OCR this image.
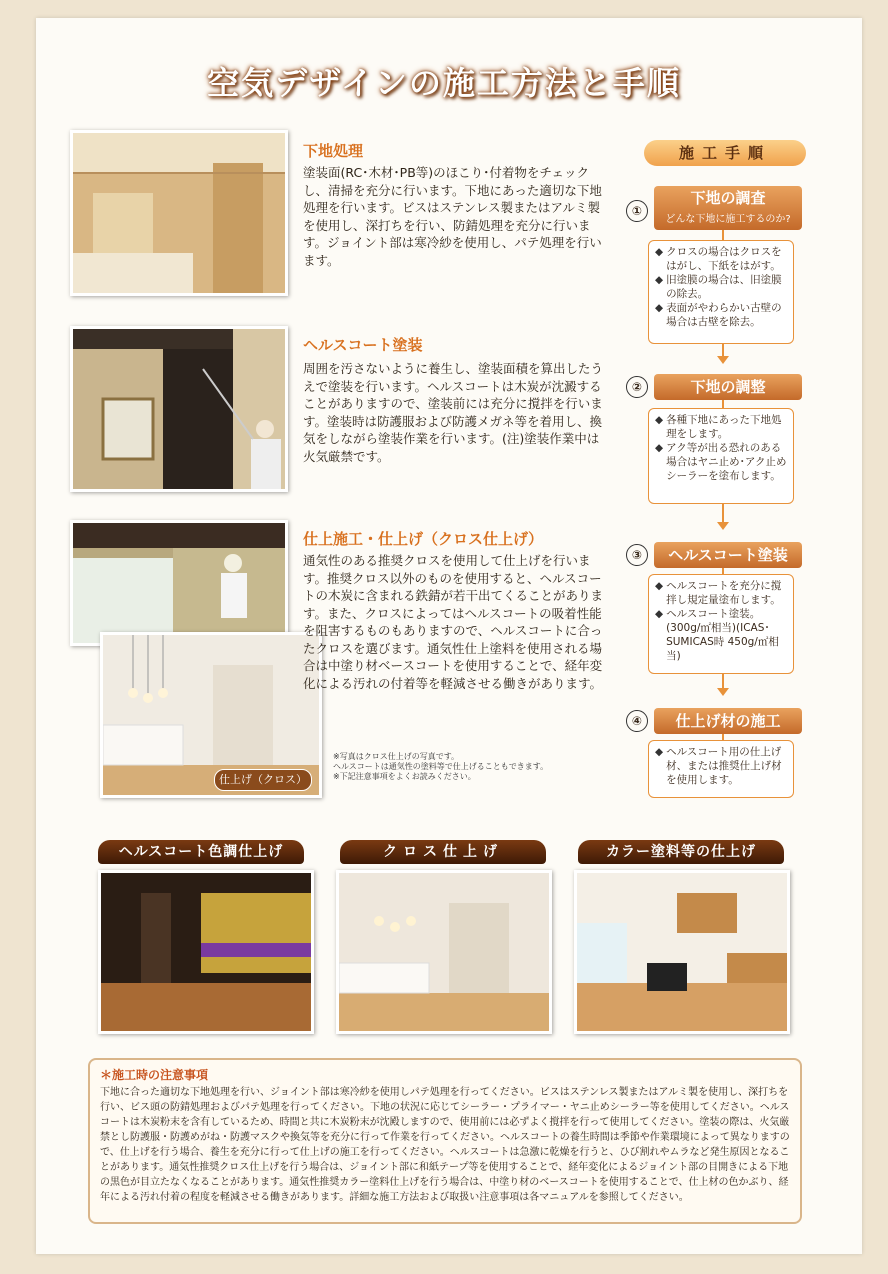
空気デザインの施工方法と手順
下地処理
塗装面(RC･木材･PB等)のほこり･付着物をチェックし、清掃を充分に行います。下地にあった適切な下地処理を行います。ビスはステンレス製またはアルミ製を使用し、深打ちを行い、防錆処理を充分に行います。ジョイント部は寒冷紗を使用し、パテ処理を行います。
ヘルスコート塗装
周囲を汚さないように養生し、塗装面積を算出したうえで塗装を行います。ヘルスコートは木炭が沈澱することがありますので、塗装前には充分に撹拌を行います。塗装時は防護服および防護メガネ等を着用し、換気をしながら塗装作業を行います。(注)塗装作業中は火気厳禁です。
仕上げ（クロス）
仕上施工・仕上げ（クロス仕上げ）
通気性のある推奨クロスを使用して仕上げを行います。推奨クロス以外のものを使用すると、ヘルスコートの木炭に含まれる鉄錆が若干出てくることがあります。また、クロスによってはヘルスコートの吸着性能を阻害するものもありますので、ヘルスコートに合ったクロスを選びます。通気性仕上塗料を使用される場合は中塗り材ベースコートを使用することで、経年変化による汚れの付着等を軽減させる働きがあります。
※写真はクロス仕上げの写真です。
ヘルスコートは通気性の塗料等で仕上げることもできます。
※下記注意事項をよくお読みください。
施工手順
①
下地の調査
どんな下地に施工するのか?
◆ クロスの場合はクロスをはがし、下紙をはがす。
◆ 旧塗膜の場合は、旧塗膜の除去。
◆ 表面がやわらかい古壁の場合は古壁を除去。
②	下地の調整
◆ 各種下地にあった下地処理をします。
◆ アク等が出る恐れのある場合はヤニ止め･アク止めシーラーを塗布します。
③	ヘルスコート塗装
◆ ヘルスコートを充分に撹拌し規定量塗布します。
◆ ヘルスコート塗装。(300g/㎡相当)(ICAS･SUMICAS時 450g/㎡相当)
④	仕上げ材の施工
◆ ヘルスコート用の仕上げ材、または推奨仕上げ材を使用します。
ヘルスコート色調仕上げ	クロス仕上げ	カラー塗料等の仕上げ
＊施工時の注意事項
下地に合った適切な下地処理を行い、ジョイント部は寒冷紗を使用しパテ処理を行ってください。ビスはステンレス製またはアルミ製を使用し、深打ちを行い、ビス頭の防錆処理およびパテ処理を行ってください。下地の状況に応じてシーラー・プライマー・ヤニ止めシーラー等を使用してください。ヘルスコートは木炭粉末を含有しているため、時間と共に木炭粉末が沈殿しますので、使用前には必ずよく撹拌を行って使用してください。塗装の際は、火気厳禁とし防護服・防護めがね・防護マスクや換気等を充分に行って作業を行ってください。ヘルスコートの養生時間は季節や作業環境によって異なりますので、仕上げを行う場合、養生を充分に行って仕上げの施工を行ってください。ヘルスコートは急激に乾燥を行うと、ひび割れやムラなど発生原因となることがあります。通気性推奨クロス仕上げを行う場合は、ジョイント部に和紙テープ等を使用することで、経年変化によるジョイント部の目開きによる下地の黒色が目立たなくなることがあります。通気性推奨カラー塗料仕上げを行う場合は、中塗り材のベースコートを使用することで、仕上材の色かぶり、経年による汚れ付着の程度を軽減させる働きがあります。詳細な施工方法および取扱い注意事項は各マニュアルを参照してください。
